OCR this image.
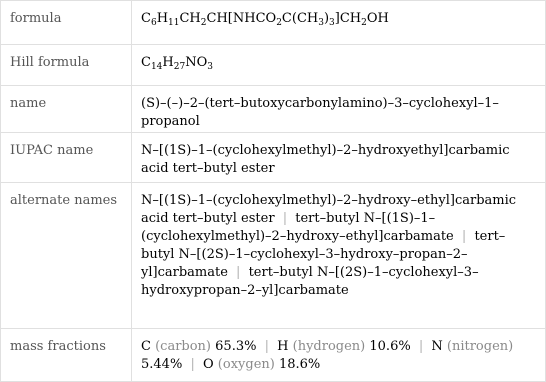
formula	$C_6H_{11}CH_2CH[NHCO_2C(CH_3)_3]CH_2OH$
Hill formula	$C_{14}H_{27}NO_3$
name	(S)–(–)–2–(tert–butoxycarbonylamino)–3–cyclohexyl–1–propanol
IUPAC name	N–[(1S)–1–(cyclohexylmethyl)–2–hydroxyethyl]carbamic acid tert–butyl ester
alternate names	N–[(1S)–1–(cyclohexylmethyl)–2–hydroxy–ethyl]carbamic acid tert–butyl ester | tert–butyl N–[(1S)–1–(cyclohexylmethyl)–2–hydroxy–ethyl]carbamate | tert–butyl N–[(2S)–1–cyclohexyl–3–hydroxy–propan–2–yl]carbamate | tert–butyl N–[(2S)–1–cyclohexyl–3–hydroxypropan–2–yl]carbamate
mass fractions	C (carbon) 65.3% | H (hydrogen) 10.6% | N (nitrogen) 5.44% | O (oxygen) 18.6%
